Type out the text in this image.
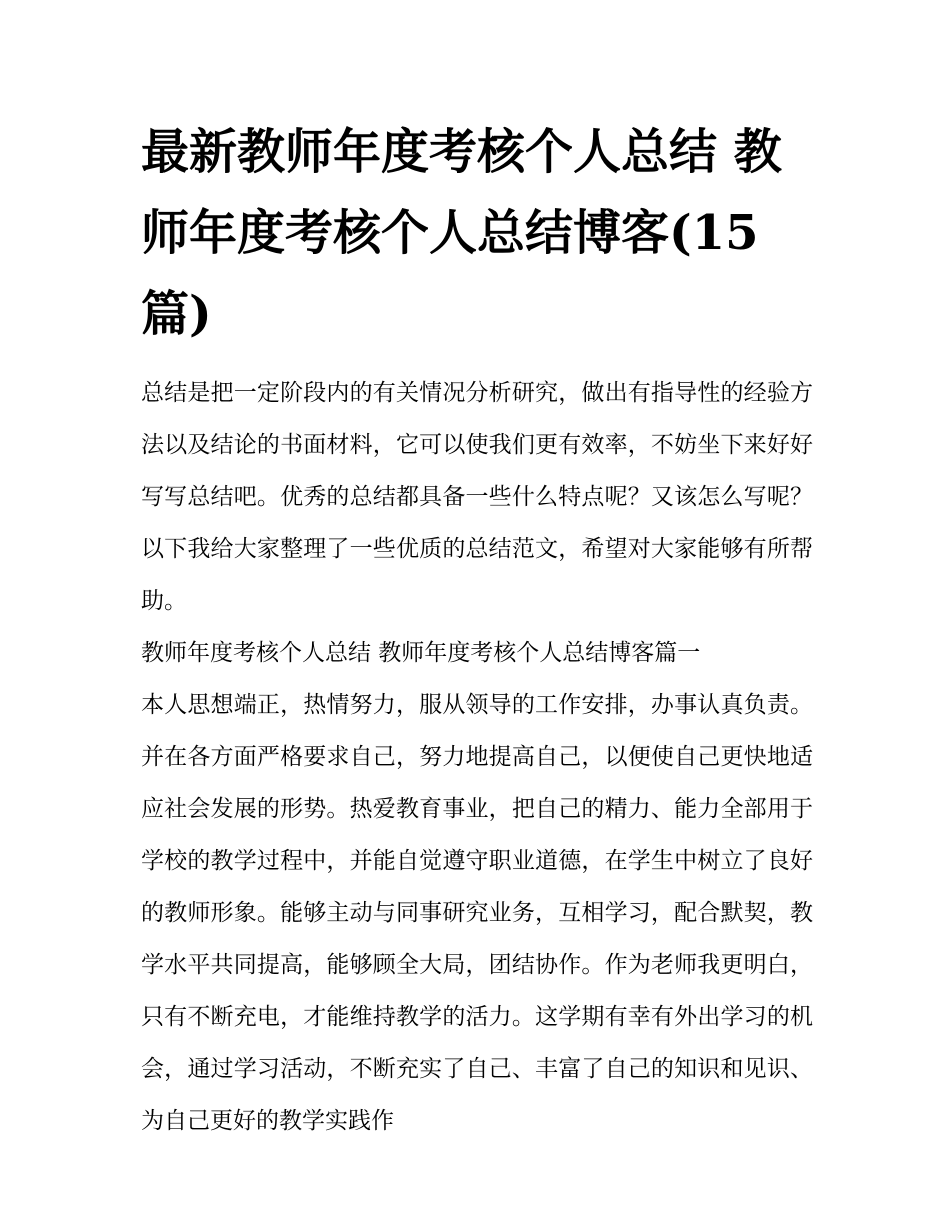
最新教师年度考核个人总结 教师年度考核个人总结博客(15篇)

总结是把一定阶段内的有关情况分析研究，做出有指导性的经验方法以及结论的书面材料，它可以使我们更有效率，不妨坐下来好好写写总结吧。优秀的总结都具备一些什么特点呢？又该怎么写呢？以下我给大家整理了一些优质的总结范文，希望对大家能够有所帮助。

教师年度考核个人总结 教师年度考核个人总结博客篇一

本人思想端正，热情努力，服从领导的工作安排，办事认真负责。并在各方面严格要求自己，努力地提高自己，以便使自己更快地适应社会发展的形势。热爱教育事业，把自己的精力、能力全部用于学校的教学过程中，并能自觉遵守职业道德，在学生中树立了良好的教师形象。能够主动与同事研究业务，互相学习，配合默契，教学水平共同提高，能够顾全大局，团结协作。作为老师我更明白，只有不断充电，才能维持教学的活力。这学期有幸有外出学习的机会，通过学习活动，不断充实了自己、丰富了自己的知识和见识、为自己更好的教学实践作
